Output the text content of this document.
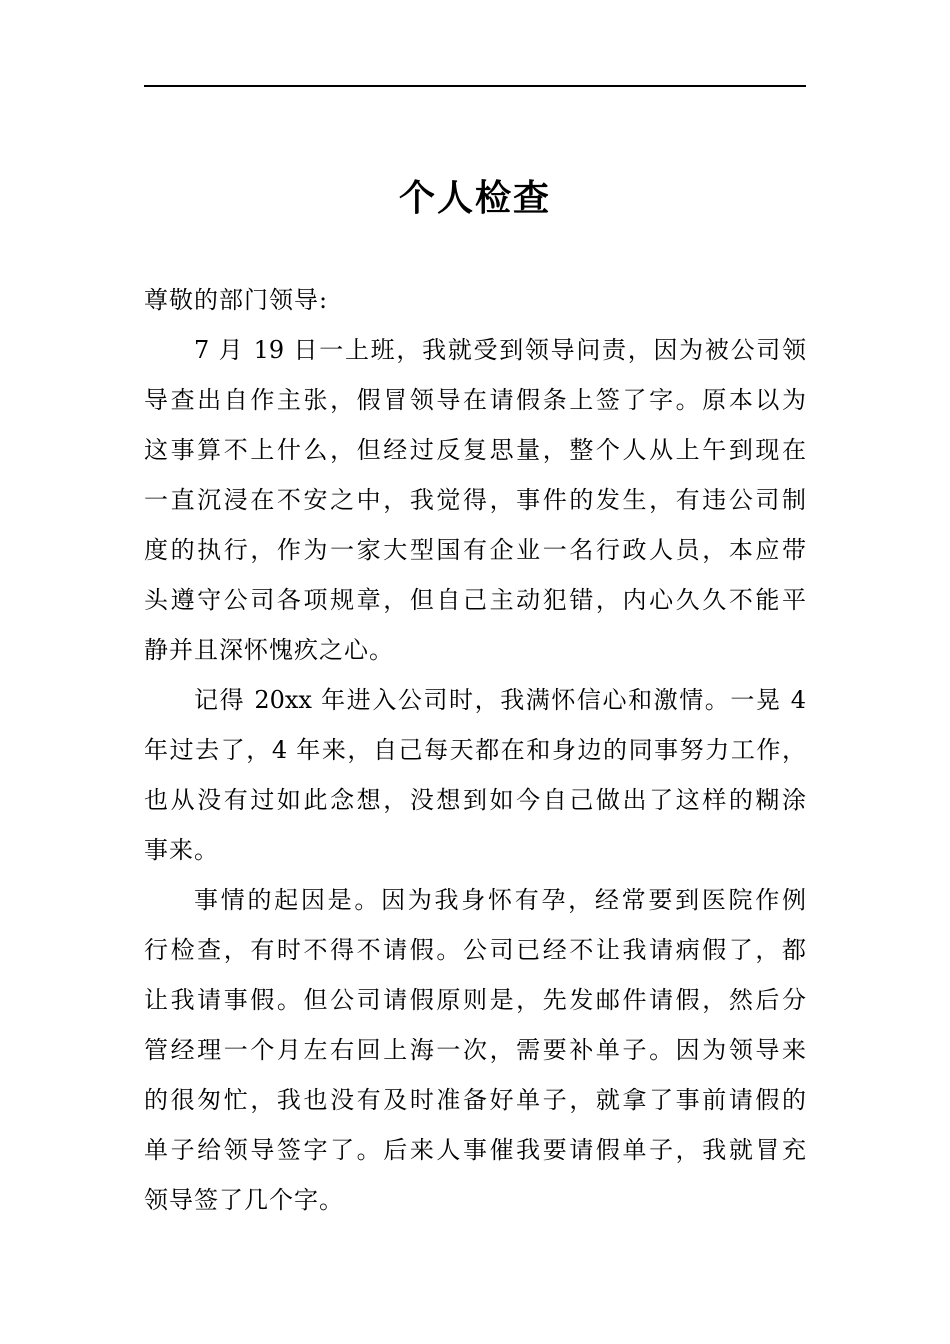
个人检查
尊敬的部门领导:
7 月 19 日一上班，我就受到领导问责，因为被公司领
导查出自作主张，假冒领导在请假条上签了字。原本以为
这事算不上什么，但经过反复思量，整个人从上午到现在
一直沉浸在不安之中，我觉得，事件的发生，有违公司制
度的执行，作为一家大型国有企业一名行政人员，本应带
头遵守公司各项规章，但自己主动犯错，内心久久不能平
静并且深怀愧疚之心。
记得 20xx 年进入公司时，我满怀信心和激情。一晃 4
年过去了，4 年来，自己每天都在和身边的同事努力工作，
也从没有过如此念想，没想到如今自己做出了这样的糊涂
事来。
事情的起因是。因为我身怀有孕，经常要到医院作例
行检查，有时不得不请假。公司已经不让我请病假了，都
让我请事假。但公司请假原则是，先发邮件请假，然后分
管经理一个月左右回上海一次，需要补单子。因为领导来
的很匆忙，我也没有及时准备好单子，就拿了事前请假的
单子给领导签字了。后来人事催我要请假单子，我就冒充
领导签了几个字。
